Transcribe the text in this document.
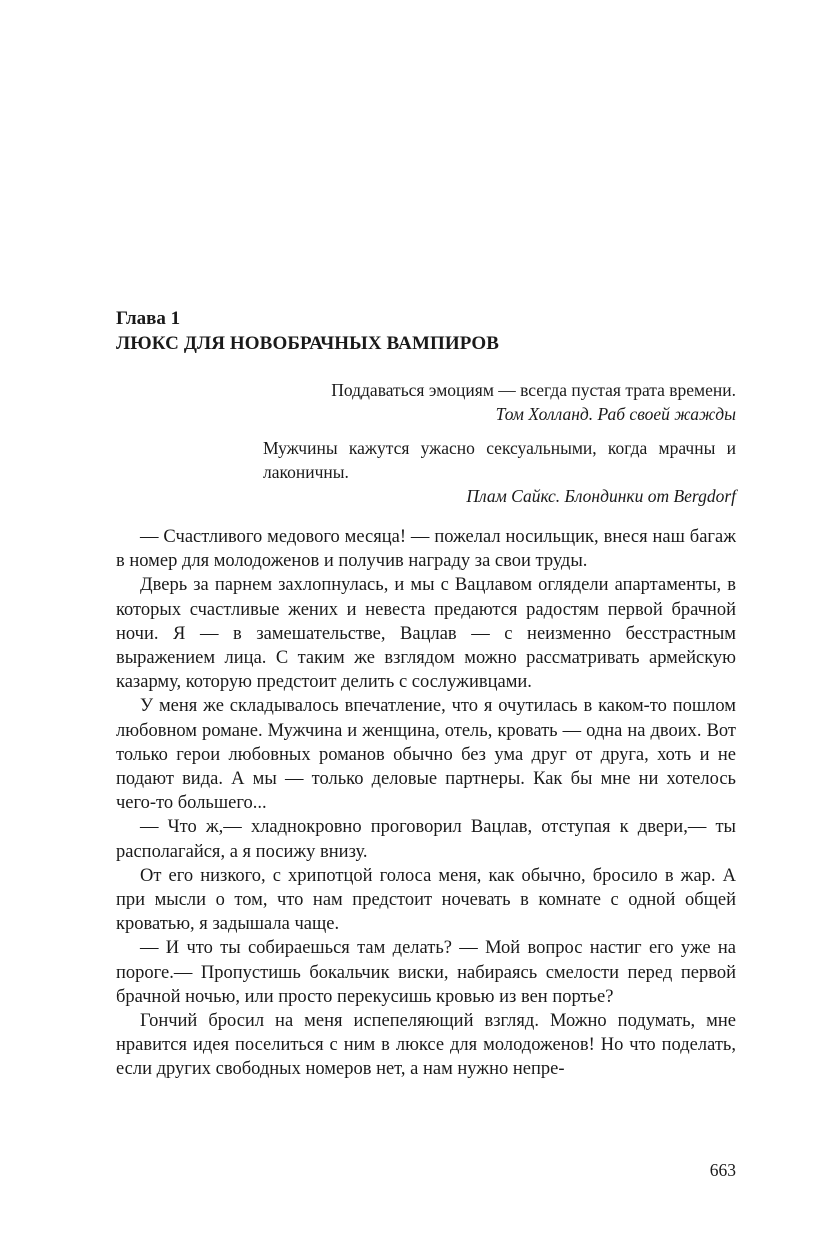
Глава 1
ЛЮКС ДЛЯ НОВОБРАЧНЫХ ВАМПИРОВ
Поддаваться эмоциям — всегда пустая трата времени.
Том Холланд. Раб своей жажды
Мужчины кажутся ужасно сексуальными, когда мрачны и лаконичны.
Плам Сайкс. Блондинки от Bergdorf

— Счастливого медового месяца! — пожелал носильщик, внеся наш багаж в номер для молодоженов и получив награду за свои труды.

Дверь за парнем захлопнулась, и мы с Вацлавом оглядели апартаменты, в которых счастливые жених и невеста предаются радостям первой брачной ночи. Я — в замешательстве, Вацлав — с неизменно бесстрастным выражением лица. С таким же взглядом можно рассматривать армейскую казарму, которую предстоит делить с сослуживцами.

У меня же складывалось впечатление, что я очутилась в каком-то пошлом любовном романе. Мужчина и женщина, отель, кровать — одна на двоих. Вот только герои любовных романов обычно без ума друг от друга, хоть и не подают вида. А мы — только деловые партнеры. Как бы мне ни хотелось чего-то большего...

— Что ж,— хладнокровно проговорил Вацлав, отступая к двери,— ты располагайся, а я посижу внизу.

От его низкого, с хрипотцой голоса меня, как обычно, бросило в жар. А при мысли о том, что нам предстоит ночевать в комнате с одной общей кроватью, я задышала чаще.

— И что ты собираешься там делать? — Мой вопрос настиг его уже на пороге.— Пропустишь бокальчик виски, набираясь смелости перед первой брачной ночью, или просто перекусишь кровью из вен портье?

Гончий бросил на меня испепеляющий взгляд. Можно подумать, мне нравится идея поселиться с ним в люксе для молодоженов! Но что поделать, если других свободных номеров нет, а нам нужно непре-

663
